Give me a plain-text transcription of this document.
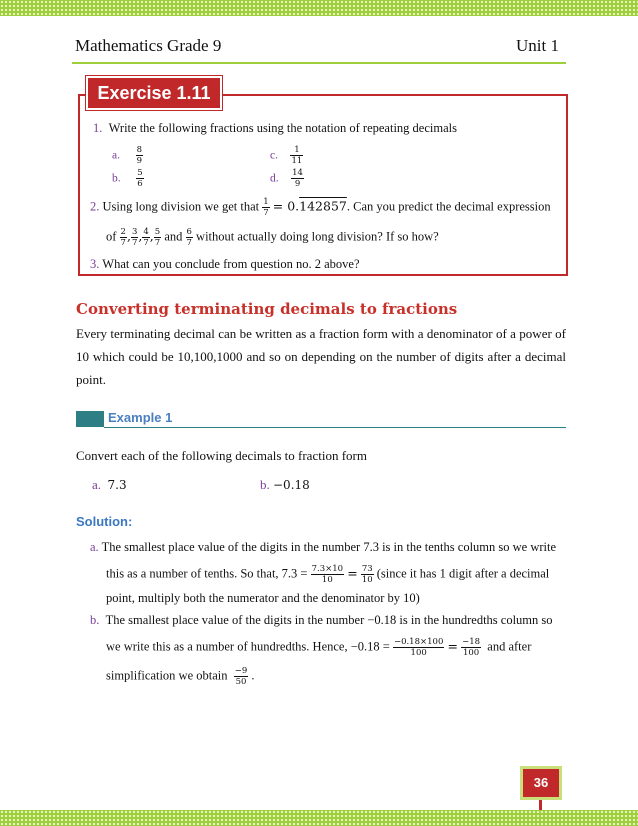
Mathematics Grade 9	Unit 1
Exercise 1.11
1. Write the following fractions using the notation of repeating decimals
a. $\frac{8}{9}$	c. $\frac{1}{11}$
b. $\frac{5}{6}$	d. $\frac{14}{9}$
2. Using long division we get that $\frac{1}{7} = 0.142857$. Can you predict the decimal expression
of $\frac{2}{7}$ , $\frac{3}{7}$ , $\frac{4}{7}$ , $\frac{5}{7}$ and $\frac{6}{7}$ without actually doing long division? If so how?
3. What can you conclude from question no. 2 above?
Converting terminating decimals to fractions
Every terminating decimal can be written as a fraction form with a denominator of a power of 10 which could be 10,100,1000 and so on depending on the number of digits after a decimal point.
Example 1
Convert each of the following decimals to fraction form
a. 7.3	b. −0.18
Solution:
a. The smallest place value of the digits in the number 7.3 is in the tenths column so we write
this as a number of tenths. So that, $7.3 = \frac{7.3\times 10}{10} = \frac{73}{10}$ (since it has 1 digit after a decimal
point, multiply both the numerator and the denominator by 10)
b. The smallest place value of the digits in the number −0.18 is in the hundredths column so
we write this as a number of hundredths. Hence, $-0.18 = \frac{-0.18\times 100}{100} = \frac{-18}{100}$ and after
simplification we obtain $\frac{-9}{50}$ .
36
